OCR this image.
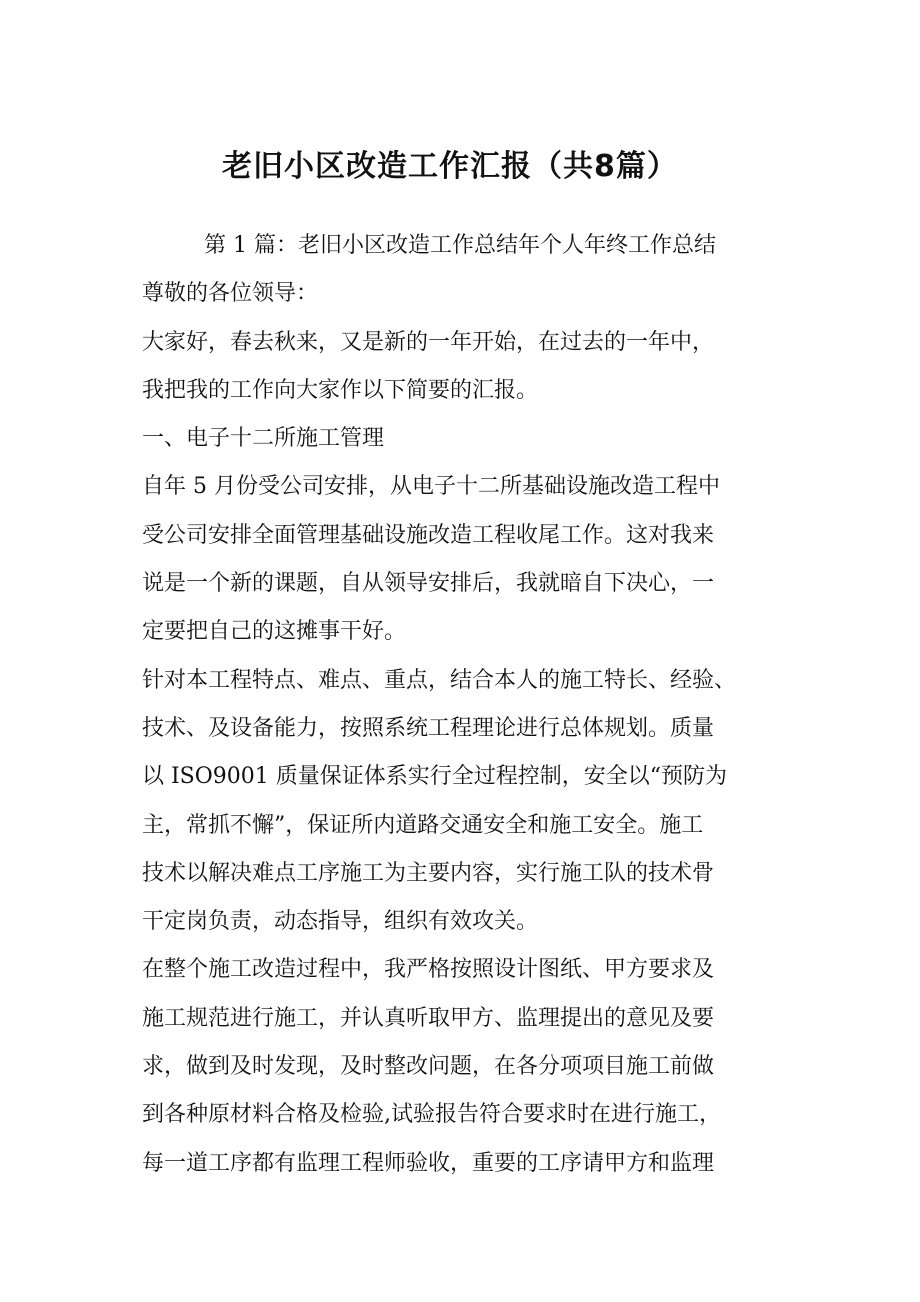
老旧小区改造工作汇报（共8篇）
第 1 篇：老旧小区改造工作总结年个人年终工作总结
尊敬的各位领导：
大家好，春去秋来，又是新的一年开始，在过去的一年中，
我把我的工作向大家作以下简要的汇报。
一、电子十二所施工管理
自年 5 月份受公司安排，从电子十二所基础设施改造工程中
受公司安排全面管理基础设施改造工程收尾工作。这对我来
说是一个新的课题，自从领导安排后，我就暗自下决心，一
定要把自己的这摊事干好。
针对本工程特点、难点、重点，结合本人的施工特长、经验、
技术、及设备能力，按照系统工程理论进行总体规划。质量
以 ISO9001 质量保证体系实行全过程控制，安全以“预防为
主，常抓不懈”，保证所内道路交通安全和施工安全。施工
技术以解决难点工序施工为主要内容，实行施工队的技术骨
干定岗负责，动态指导，组织有效攻关。
在整个施工改造过程中，我严格按照设计图纸、甲方要求及
施工规范进行施工，并认真听取甲方、监理提出的意见及要
求，做到及时发现，及时整改问题，在各分项项目施工前做
到各种原材料合格及检验,试验报告符合要求时在进行施工，
每一道工序都有监理工程师验收，重要的工序请甲方和监理
